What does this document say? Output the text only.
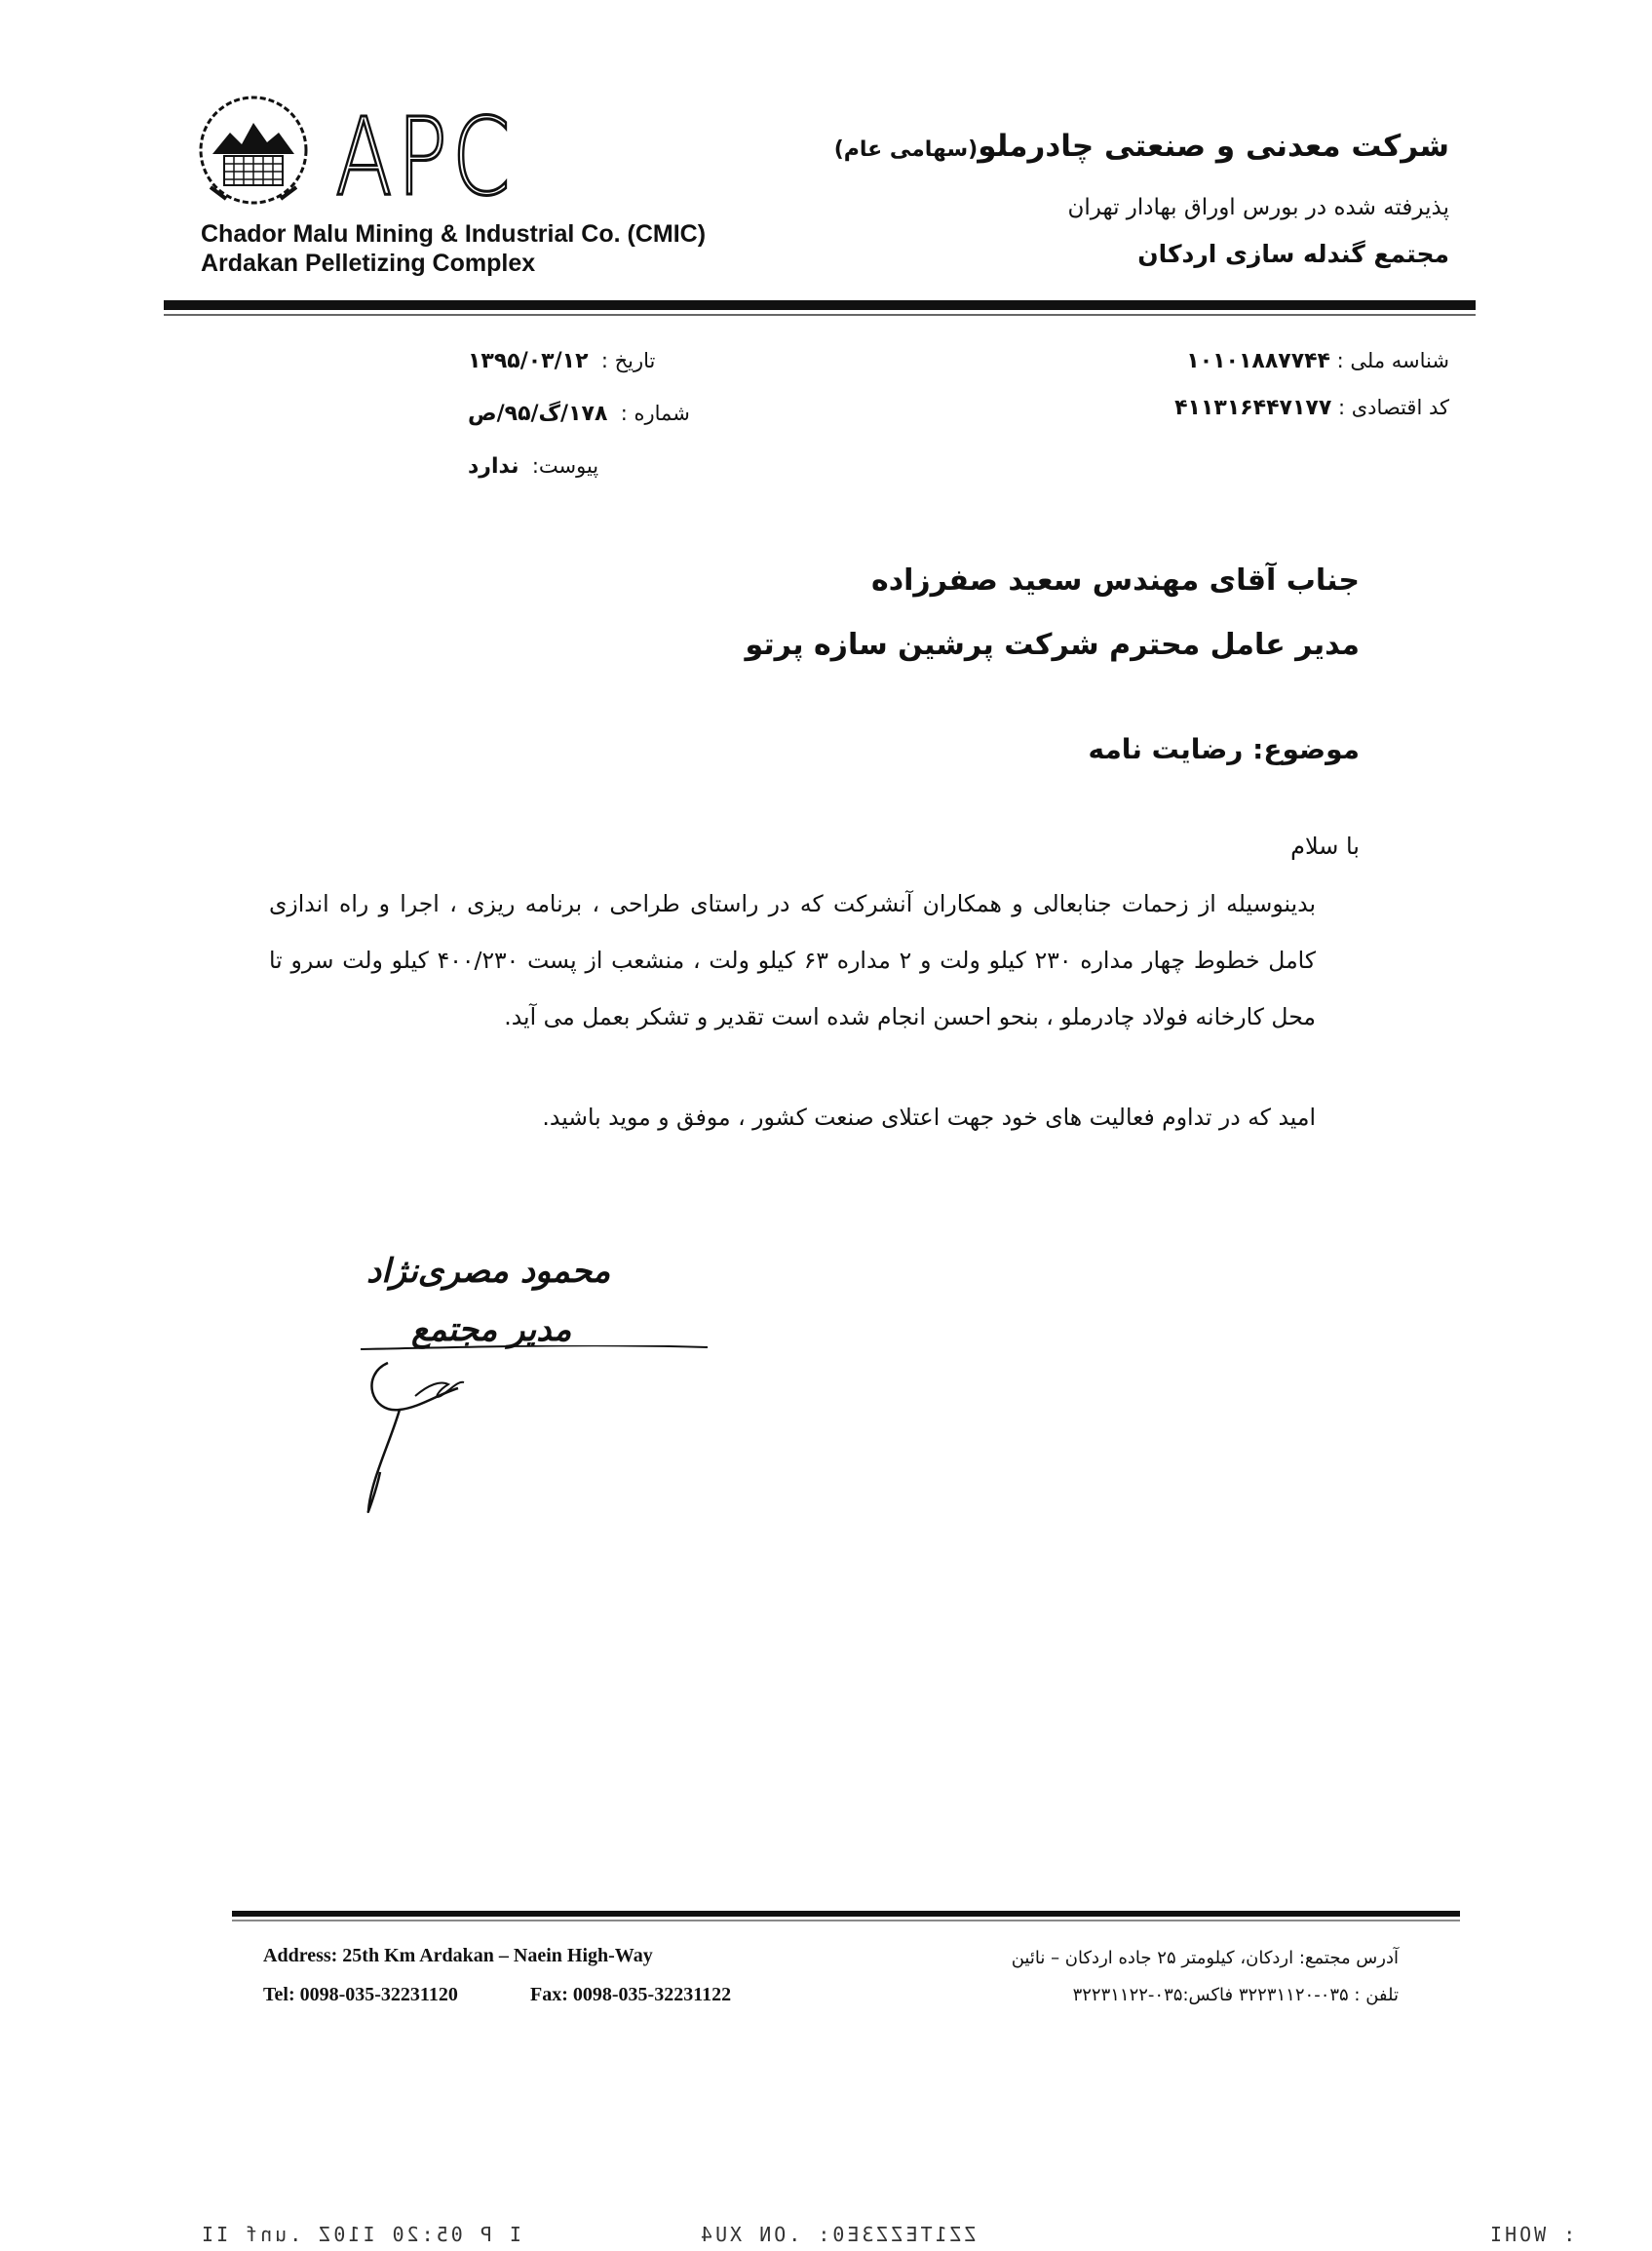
APC
Chador Malu Mining & Industrial Co. (CMIC)
Ardakan Pelletizing Complex
شرکت معدنی و صنعتی چادرملو(سهامی عام)
پذیرفته شده در بورس اوراق بهادار تهران
مجتمع گندله سازی اردکان
شناسه ملی : ۱۰۱۰۱۸۸۷۷۴۴
کد اقتصادی : ۴۱۱۳۱۶۴۴۷۱۷۷
تاریخ :  ۱۳۹۵/۰۳/۱۲
شماره :  ۱۷۸/گ/۹۵/ص
پیوست:  ندارد
جناب آقای مهندس سعید صفرزاده
مدیر عامل محترم شرکت پرشین سازه پرتو
موضوع: رضایت نامه
با سلام
بدینوسیله از زحمات جنابعالی و همکاران آنشرکت که در راستای طراحی ، برنامه ریزی ، اجرا و راه اندازی کامل خطوط چهار مداره ۲۳۰ کیلو ولت و ۲ مداره ۶۳ کیلو ولت ، منشعب از پست ۴۰۰/۲۳۰ کیلو ولت سرو تا محل کارخانه فولاد چادرملو ، بنحو احسن انجام شده است تقدیر و تشکر بعمل می آید.
امید که در تداوم فعالیت های خود جهت اعتلای صنعت کشور ، موفق و موید باشید.
محمود مصری‌نژاد
مدیر مجتمع
Address: 25th Km Ardakan – Naein High-Way
Tel: 0098-035-32231120	Fax: 0098-035-32231122
آدرس مجتمع: اردکان، کیلومتر ۲۵ جاده اردکان – نائین
تلفن : ۰۳۵-۳۲۲۳۱۱۲۰ فاکس:۰۳۵-۳۲۲۳۱۱۲۲
I P 05:20 I10Z .unf II	ZZ1TEZZ3E0: .ON XU4	: WOHI
